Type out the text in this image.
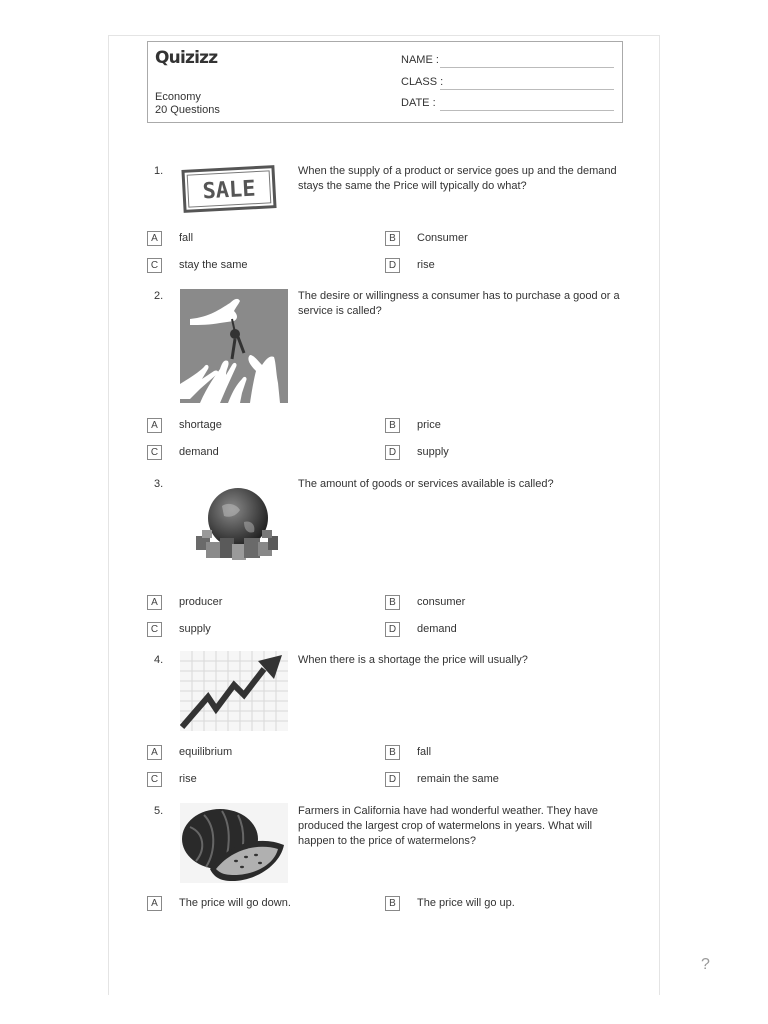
Quizizz
Economy
20 Questions
NAME :
CLASS :
DATE :
1.
SALE
When the supply of a product or service goes up and the demand stays the same the Price will typically do what?
A	fall	B	Consumer
C	stay the same	D	rise
2.	The desire or willingness a consumer has to purchase a good or a service is called?
A	shortage	B	price
C	demand	D	supply
3.	The amount of goods or services available is called?
A	producer	B	consumer
C	supply	D	demand
4.	When there is a shortage the price will usually?
A	equilibrium	B	fall
C	rise	D	remain the same
5.	Farmers in California have had wonderful weather. They have produced the largest crop of watermelons in years. What will happen to the price of watermelons?
A	The price will go down.	B	The price will go up.
?
